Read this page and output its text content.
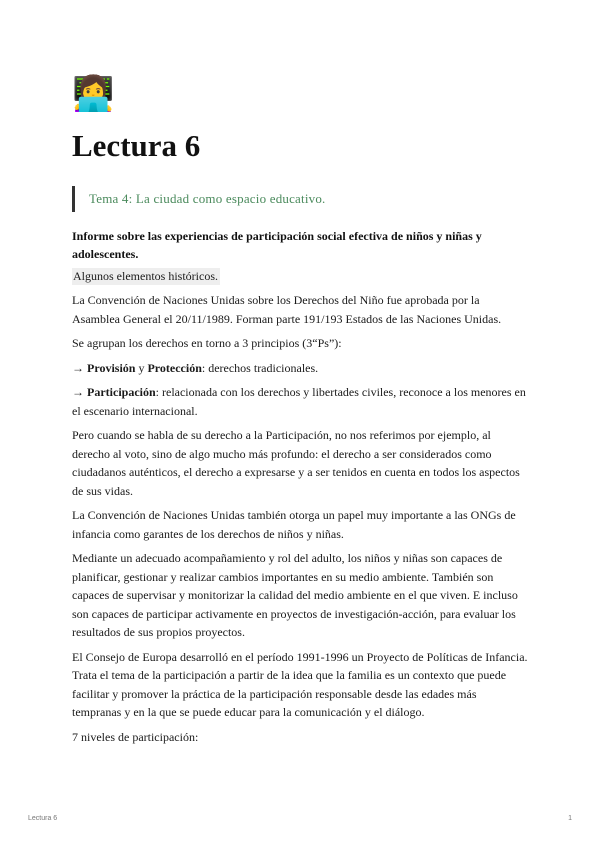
👩‍💻
Lectura 6
Tema 4: La ciudad como espacio educativo.
Informe sobre las experiencias de participación social efectiva de niños y niñas y adolescentes.
Algunos elementos históricos.

La Convención de Naciones Unidas sobre los Derechos del Niño fue aprobada por la Asamblea General el 20/11/1989. Forman parte 191/193 Estados de las Naciones Unidas.

Se agrupan los derechos en torno a 3 principios (3“Ps”):

→ Provisión y Protección: derechos tradicionales.

→ Participación: relacionada con los derechos y libertades civiles, reconoce a los menores en el escenario internacional.

Pero cuando se habla de su derecho a la Participación, no nos referimos por ejemplo, al derecho al voto, sino de algo mucho más profundo: el derecho a ser considerados como ciudadanos auténticos, el derecho a expresarse y a ser tenidos en cuenta en todos los aspectos de sus vidas.

La Convención de Naciones Unidas también otorga un papel muy importante a las ONGs de infancia como garantes de los derechos de niños y niñas.

Mediante un adecuado acompañamiento y rol del adulto, los niños y niñas son capaces de planificar, gestionar y realizar cambios importantes en su medio ambiente. También son capaces de supervisar y monitorizar la calidad del medio ambiente en el que viven. E incluso son capaces de participar activamente en proyectos de investigación-acción, para evaluar los resultados de sus propios proyectos.

El Consejo de Europa desarrolló en el período 1991-1996 un Proyecto de Políticas de Infancia. Trata el tema de la participación a partir de la idea que la familia es un contexto que puede facilitar y promover la práctica de la participación responsable desde las edades más tempranas y en la que se puede educar para la comunicación y el diálogo.

7 niveles de participación:

Lectura 6	1
